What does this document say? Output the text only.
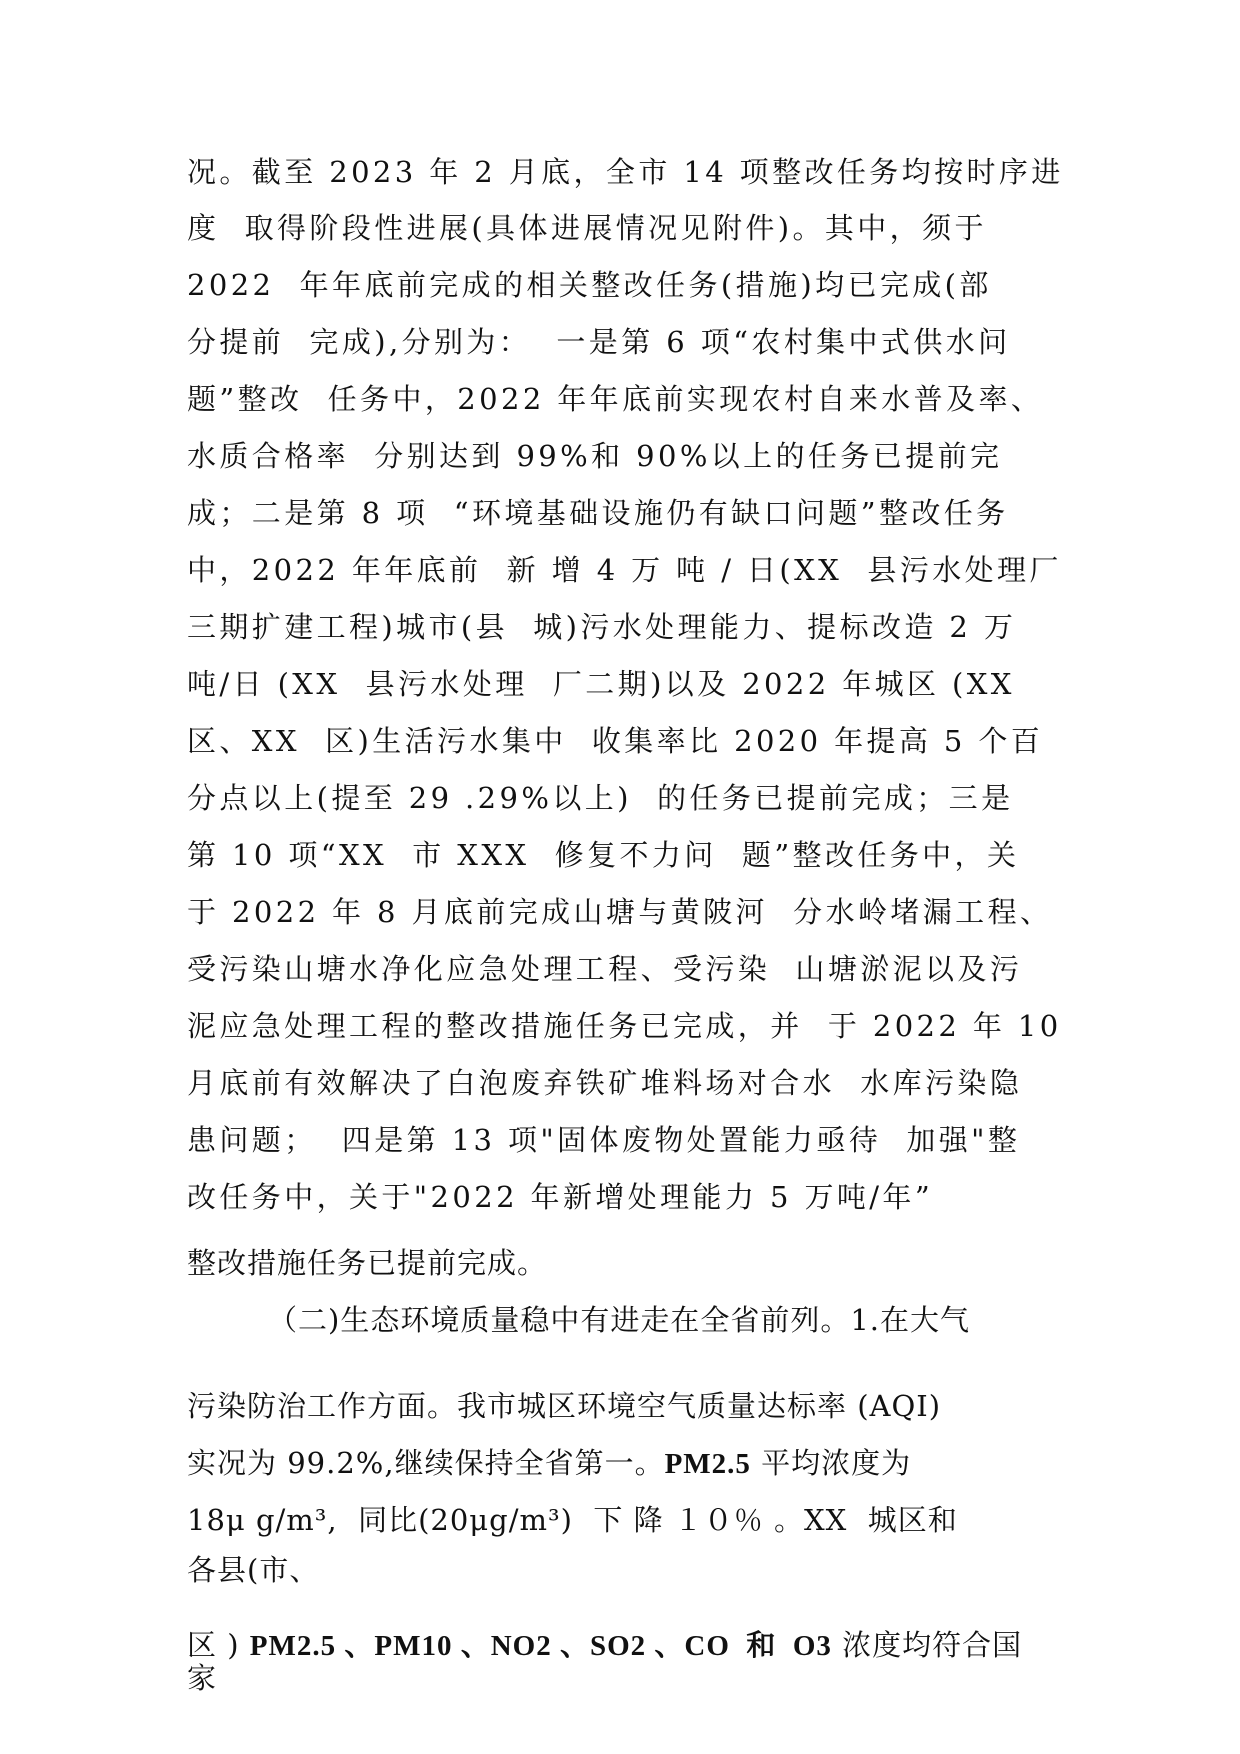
况。截至 2023 年 2 月底，全市 14 项整改任务均按时序进
度  取得阶段性进展(具体进展情况见附件)。其中，须于
2022  年年底前完成的相关整改任务(措施)均已完成(部
分提前  完成),分别为：  一是第 6 项“农村集中式供水问
题”整改  任务中，2022 年年底前实现农村自来水普及率、
水质合格率  分别达到 99%和 90%以上的任务已提前完
成；二是第 8 项  “环境基础设施仍有缺口问题”整改任务
中，2022 年年底前  新 增 4 万 吨 / 日(XX  县污水处理厂
三期扩建工程)城市(县  城)污水处理能力、提标改造 2 万
吨/日 (XX  县污水处理  厂二期)以及 2022 年城区 (XX
区、XX  区)生活污水集中  收集率比 2020 年提高 5 个百
分点以上(提至 29 .29%以上)  的任务已提前完成；三是
第 10 项“XX  市 XXX  修复不力问  题”整改任务中，关
于 2022 年 8 月底前完成山塘与黄陂河  分水岭堵漏工程、
受污染山塘水净化应急处理工程、受污染  山塘淤泥以及污
泥应急处理工程的整改措施任务已完成，并  于 2022 年 10
月底前有效解决了白泡废弃铁矿堆料场对合水  水库污染隐
患问题；  四是第 13 项"固体废物处置能力亟待  加强"整
改任务中，关于"2022 年新增处理能力 5 万吨/年”
整改措施任务已提前完成。
（二)生态环境质量稳中有进走在全省前列。1.在大气
污染防治工作方面。我市城区环境空气质量达标率 (AQI)
实况为 99.2%,继续保持全省第一。PM2.5 平均浓度为
18μ g/m³,  同比(20μg/m³)  下 降 １０％ 。XX  城区和
各县(市、
区 ) PM2.5 、PM10 、NO2 、SO2 、CO  和  O3 浓度均符合国
家
